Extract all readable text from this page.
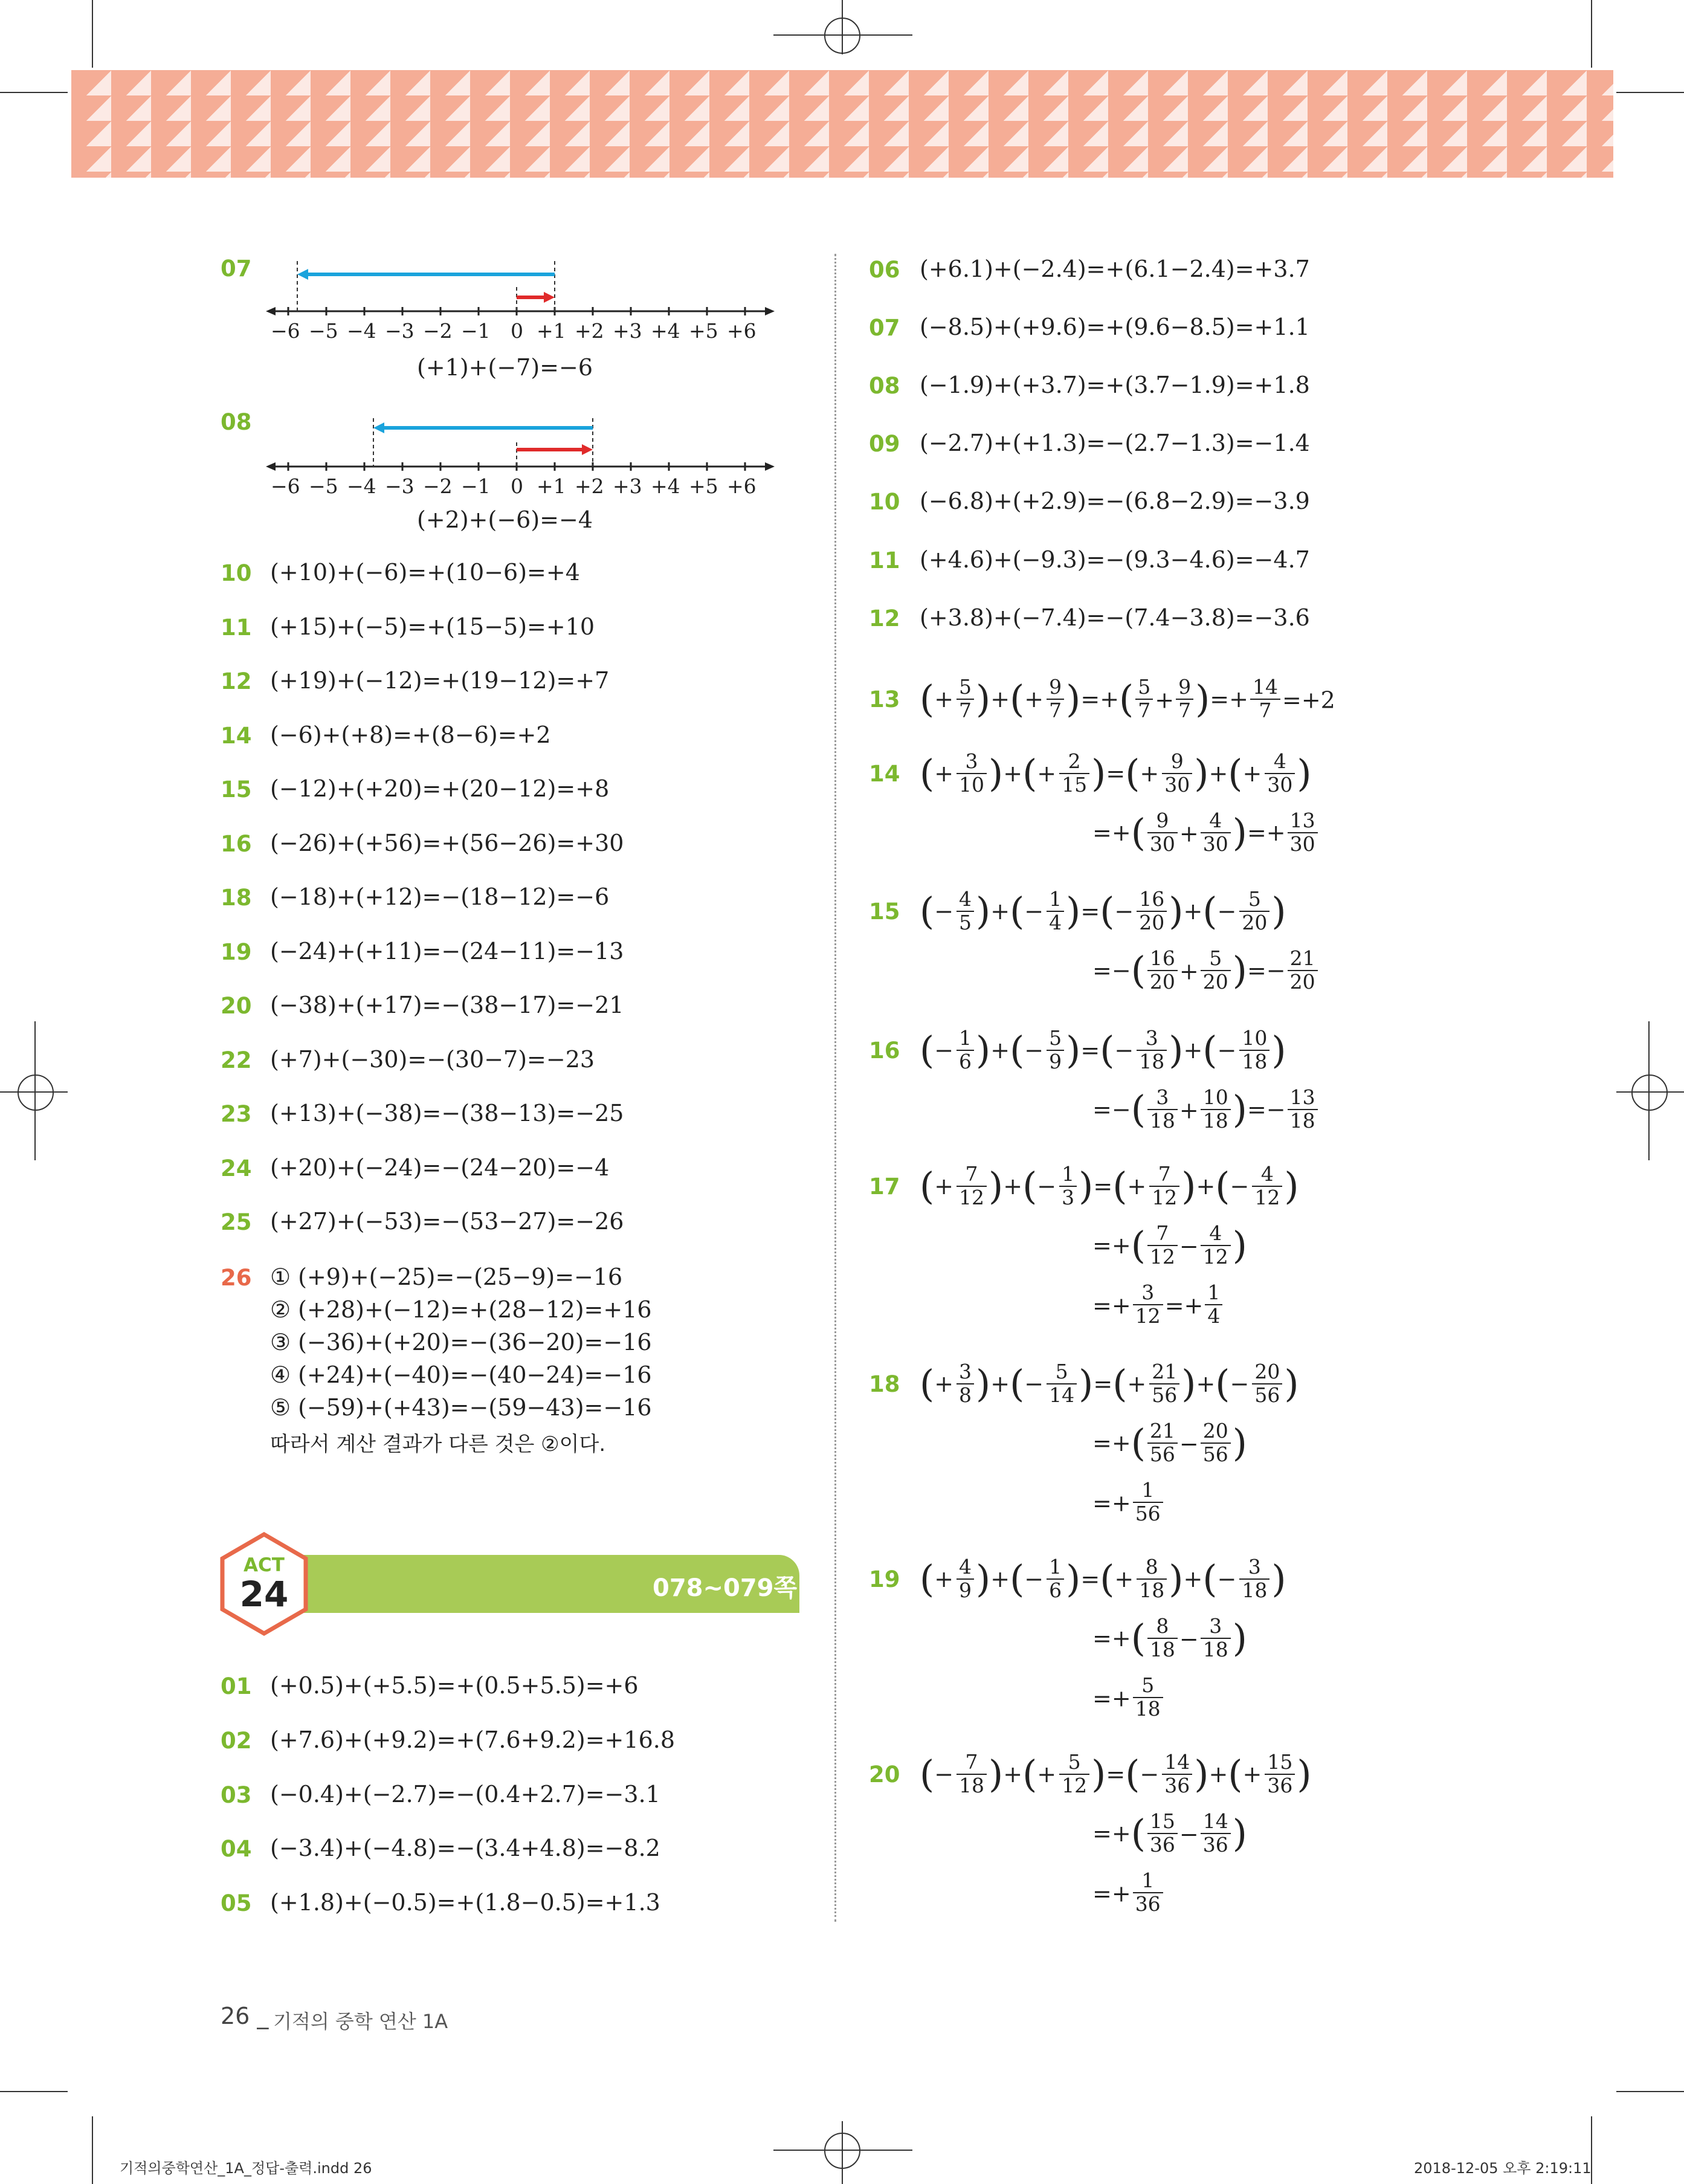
07
−6 −5 −4 −3 −2 −1 0 +1 +2 +3 +4 +5 +6
(+1)+(−7)=−6
08
−6 −5 −4 −3 −2 −1 0 +1 +2 +3 +4 +5 +6
(+2)+(−6)=−4
10 (+10)+(−6)=+(10−6)=+4
11 (+15)+(−5)=+(15−5)=+10
12 (+19)+(−12)=+(19−12)=+7
14 (−6)+(+8)=+(8−6)=+2
15 (−12)+(+20)=+(20−12)=+8
16 (−26)+(+56)=+(56−26)=+30
18 (−18)+(+12)=−(18−12)=−6
19 (−24)+(+11)=−(24−11)=−13
20 (−38)+(+17)=−(38−17)=−21
22 (+7)+(−30)=−(30−7)=−23
23 (+13)+(−38)=−(38−13)=−25
24 (+20)+(−24)=−(24−20)=−4
25 (+27)+(−53)=−(53−27)=−26
26 ① (+9)+(−25)=−(25−9)=−16
② (+28)+(−12)=+(28−12)=+16
③ (−36)+(+20)=−(36−20)=−16
④ (+24)+(−40)=−(40−24)=−16
⑤ (−59)+(+43)=−(59−43)=−16
따라서 계산 결과가 다른 것은 ②이다.
ACT
24	078~079쪽
01 (+0.5)+(+5.5)=+(0.5+5.5)=+6
02 (+7.6)+(+9.2)=+(7.6+9.2)=+16.8
03 (−0.4)+(−2.7)=−(0.4+2.7)=−3.1
04 (−3.4)+(−4.8)=−(3.4+4.8)=−8.2
05 (+1.8)+(−0.5)=+(1.8−0.5)=+1.3
06 (+6.1)+(−2.4)=+(6.1−2.4)=+3.7
07 (−8.5)+(+9.6)=+(9.6−8.5)=+1.1
08 (−1.9)+(+3.7)=+(3.7−1.9)=+1.8
09 (−2.7)+(+1.3)=−(2.7−1.3)=−1.4
10 (−6.8)+(+2.9)=−(6.8−2.9)=−3.9
11 (+4.6)+(−9.3)=−(9.3−4.6)=−4.7
12 (+3.8)+(−7.4)=−(7.4−3.8)=−3.6
13 ( + 5
7 )+( + 9
7 )=+( 5
7 + 9
7 )=+ 14
7 =+2
14 ( + 3
10 )+( + 2
15 )=( + 9
30 )+( + 4
30 )
=+( 9
30 + 4
30 )=+ 13
30
15 ( − 4
5 )+( − 1
4 )=( − 16
20 )+( − 5
20 )
=−( 16
20 + 5
20 )=− 21
20
16 ( − 1
6 )+( − 5
9 )=( − 3
18 )+( − 10
18 )
=−( 3
18 + 10
18 )=− 13
18
17 ( + 7
12 )+( − 1
3 )=( + 7
12 )+( − 4
12 )
=+( 7
12 − 4
12 )
=+ 3
12 =+ 1
4
18 ( + 3
8 )+( − 5
14 )=( + 21
56 )+( − 20
56 )
=+( 21
56 − 20
56 )
=+ 1
56
19 ( + 4
9 )+( − 1
6 )=( + 8
18 )+( − 3
18 )
=+( 8
18 − 3
18 )
=+ 5
18
20 ( − 7
18 )+( + 5
12 )=( − 14
36 )+( + 15
36 )
=+( 15
36 − 14
36 )
=+ 1
36
26 _ 기적의 중학 연산 1A
기적의중학연산_1A_정답-출력.indd 26	2018-12-05 오후 2:19:11
